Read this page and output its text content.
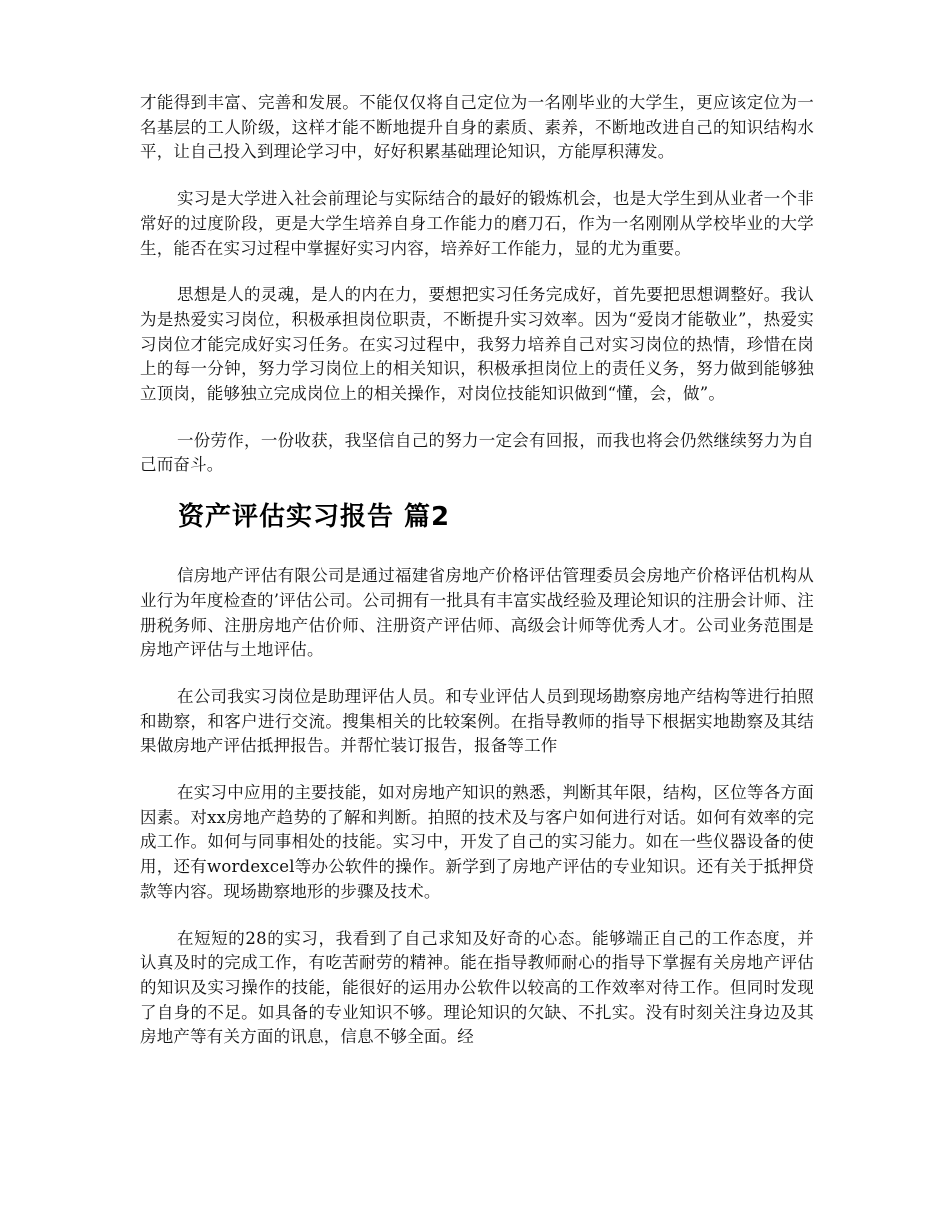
才能得到丰富、完善和发展。不能仅仅将自己定位为一名刚毕业的大学生，更应该定位为一名基层的工人阶级，这样才能不断地提升自身的素质、素养，不断地改进自己的知识结构水平，让自己投入到理论学习中，好好积累基础理论知识，方能厚积薄发。

实习是大学进入社会前理论与实际结合的最好的锻炼机会，也是大学生到从业者一个非常好的过度阶段，更是大学生培养自身工作能力的磨刀石，作为一名刚刚从学校毕业的大学生，能否在实习过程中掌握好实习内容，培养好工作能力，显的尤为重要。

思想是人的灵魂，是人的内在力，要想把实习任务完成好，首先要把思想调整好。我认为是热爱实习岗位，积极承担岗位职责，不断提升实习效率。因为“爱岗才能敬业”，热爱实习岗位才能完成好实习任务。在实习过程中，我努力培养自己对实习岗位的热情，珍惜在岗上的每一分钟，努力学习岗位上的相关知识，积极承担岗位上的责任义务，努力做到能够独立顶岗，能够独立完成岗位上的相关操作，对岗位技能知识做到“懂，会，做”。

一份劳作，一份收获，我坚信自己的努力一定会有回报，而我也将会仍然继续努力为自己而奋斗。

资产评估实习报告 篇2

信房地产评估有限公司是通过福建省房地产价格评估管理委员会房地产价格评估机构从业行为年度检查的’评估公司。公司拥有一批具有丰富实战经验及理论知识的注册会计师、注册税务师、注册房地产估价师、注册资产评估师、高级会计师等优秀人才。公司业务范围是房地产评估与土地评估。

在公司我实习岗位是助理评估人员。和专业评估人员到现场勘察房地产结构等进行拍照和勘察，和客户进行交流。搜集相关的比较案例。在指导教师的指导下根据实地勘察及其结果做房地产评估抵押报告。并帮忙装订报告，报备等工作

在实习中应用的主要技能，如对房地产知识的熟悉，判断其年限，结构，区位等各方面因素。对xx房地产趋势的了解和判断。拍照的技术及与客户如何进行对话。如何有效率的完成工作。如何与同事相处的技能。实习中，开发了自己的实习能力。如在一些仪器设备的使用，还有wordexcel等办公软件的操作。新学到了房地产评估的专业知识。还有关于抵押贷款等内容。现场勘察地形的步骤及技术。

在短短的28的实习，我看到了自己求知及好奇的心态。能够端正自己的工作态度，并认真及时的完成工作，有吃苦耐劳的精神。能在指导教师耐心的指导下掌握有关房地产评估的知识及实习操作的技能，能很好的运用办公软件以较高的工作效率对待工作。但同时发现了自身的不足。如具备的专业知识不够。理论知识的欠缺、不扎实。没有时刻关注身边及其房地产等有关方面的讯息，信息不够全面。经
